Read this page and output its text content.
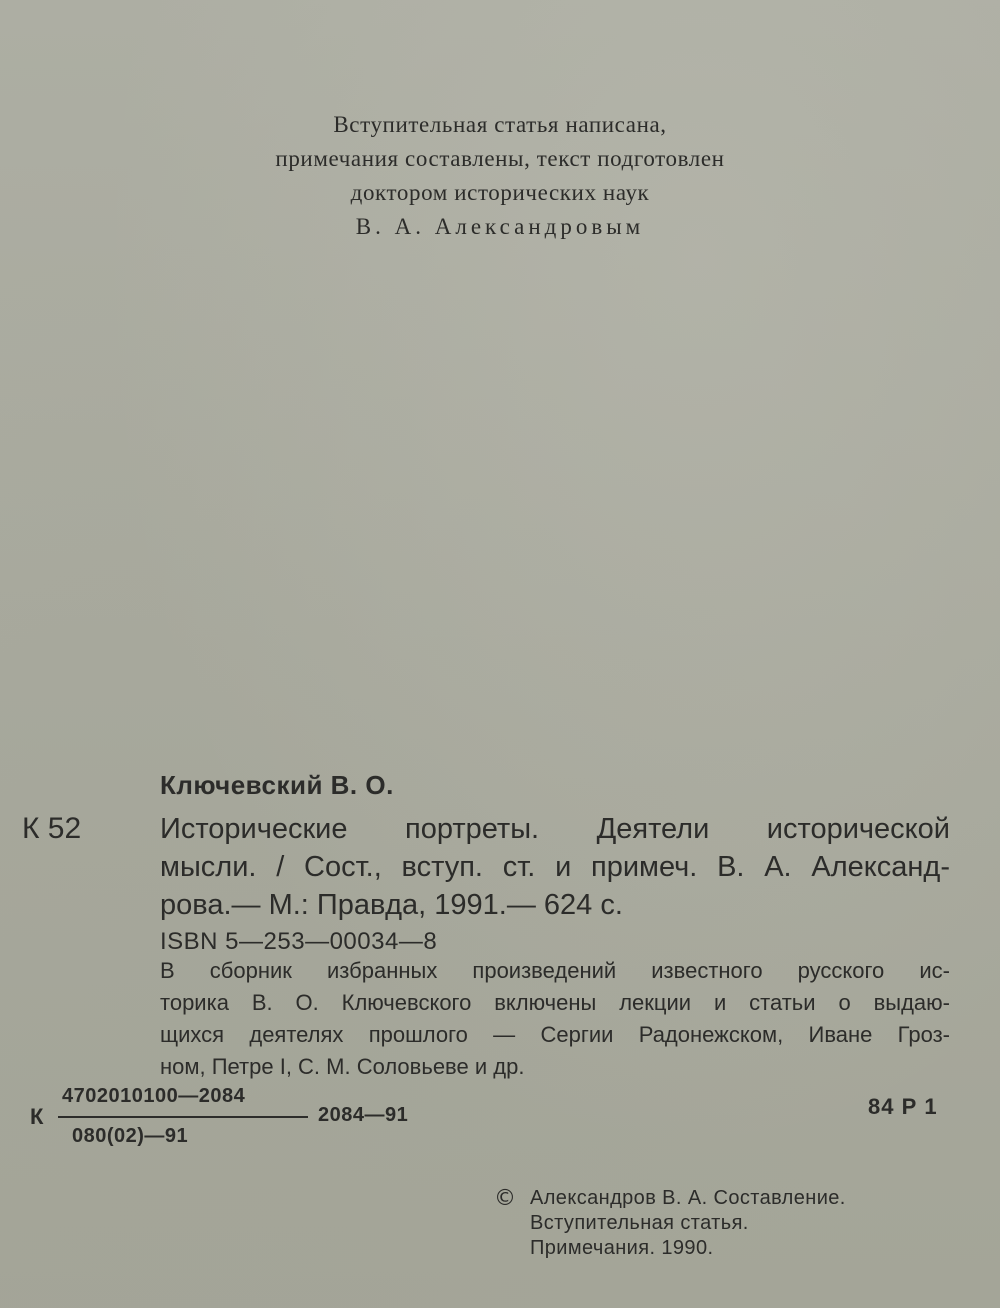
Вступительная статья написана,
примечания составлены, текст подготовлен
доктором исторических наук
В. А. Александровым
Ключевский В. О.
К 52	Исторические портреты. Деятели исторической
мысли. / Сост., вступ. ст. и примеч. В. А. Александ-
рова.— М.: Правда, 1991.— 624 с.
ISBN 5—253—00034—8
В сборник избранных произведений известного русского ис-
торика В. О. Ключевского включены лекции и статьи о выдаю-
щихся деятелях прошлого — Сергии Радонежском, Иване Гроз-
ном, Петре I, С. М. Соловьеве и др.
К
4702010100—2084
080(02)—91
2084—91	84 Р 1
© Александров В. А. Составление.
Вступительная статья.
Примечания. 1990.
